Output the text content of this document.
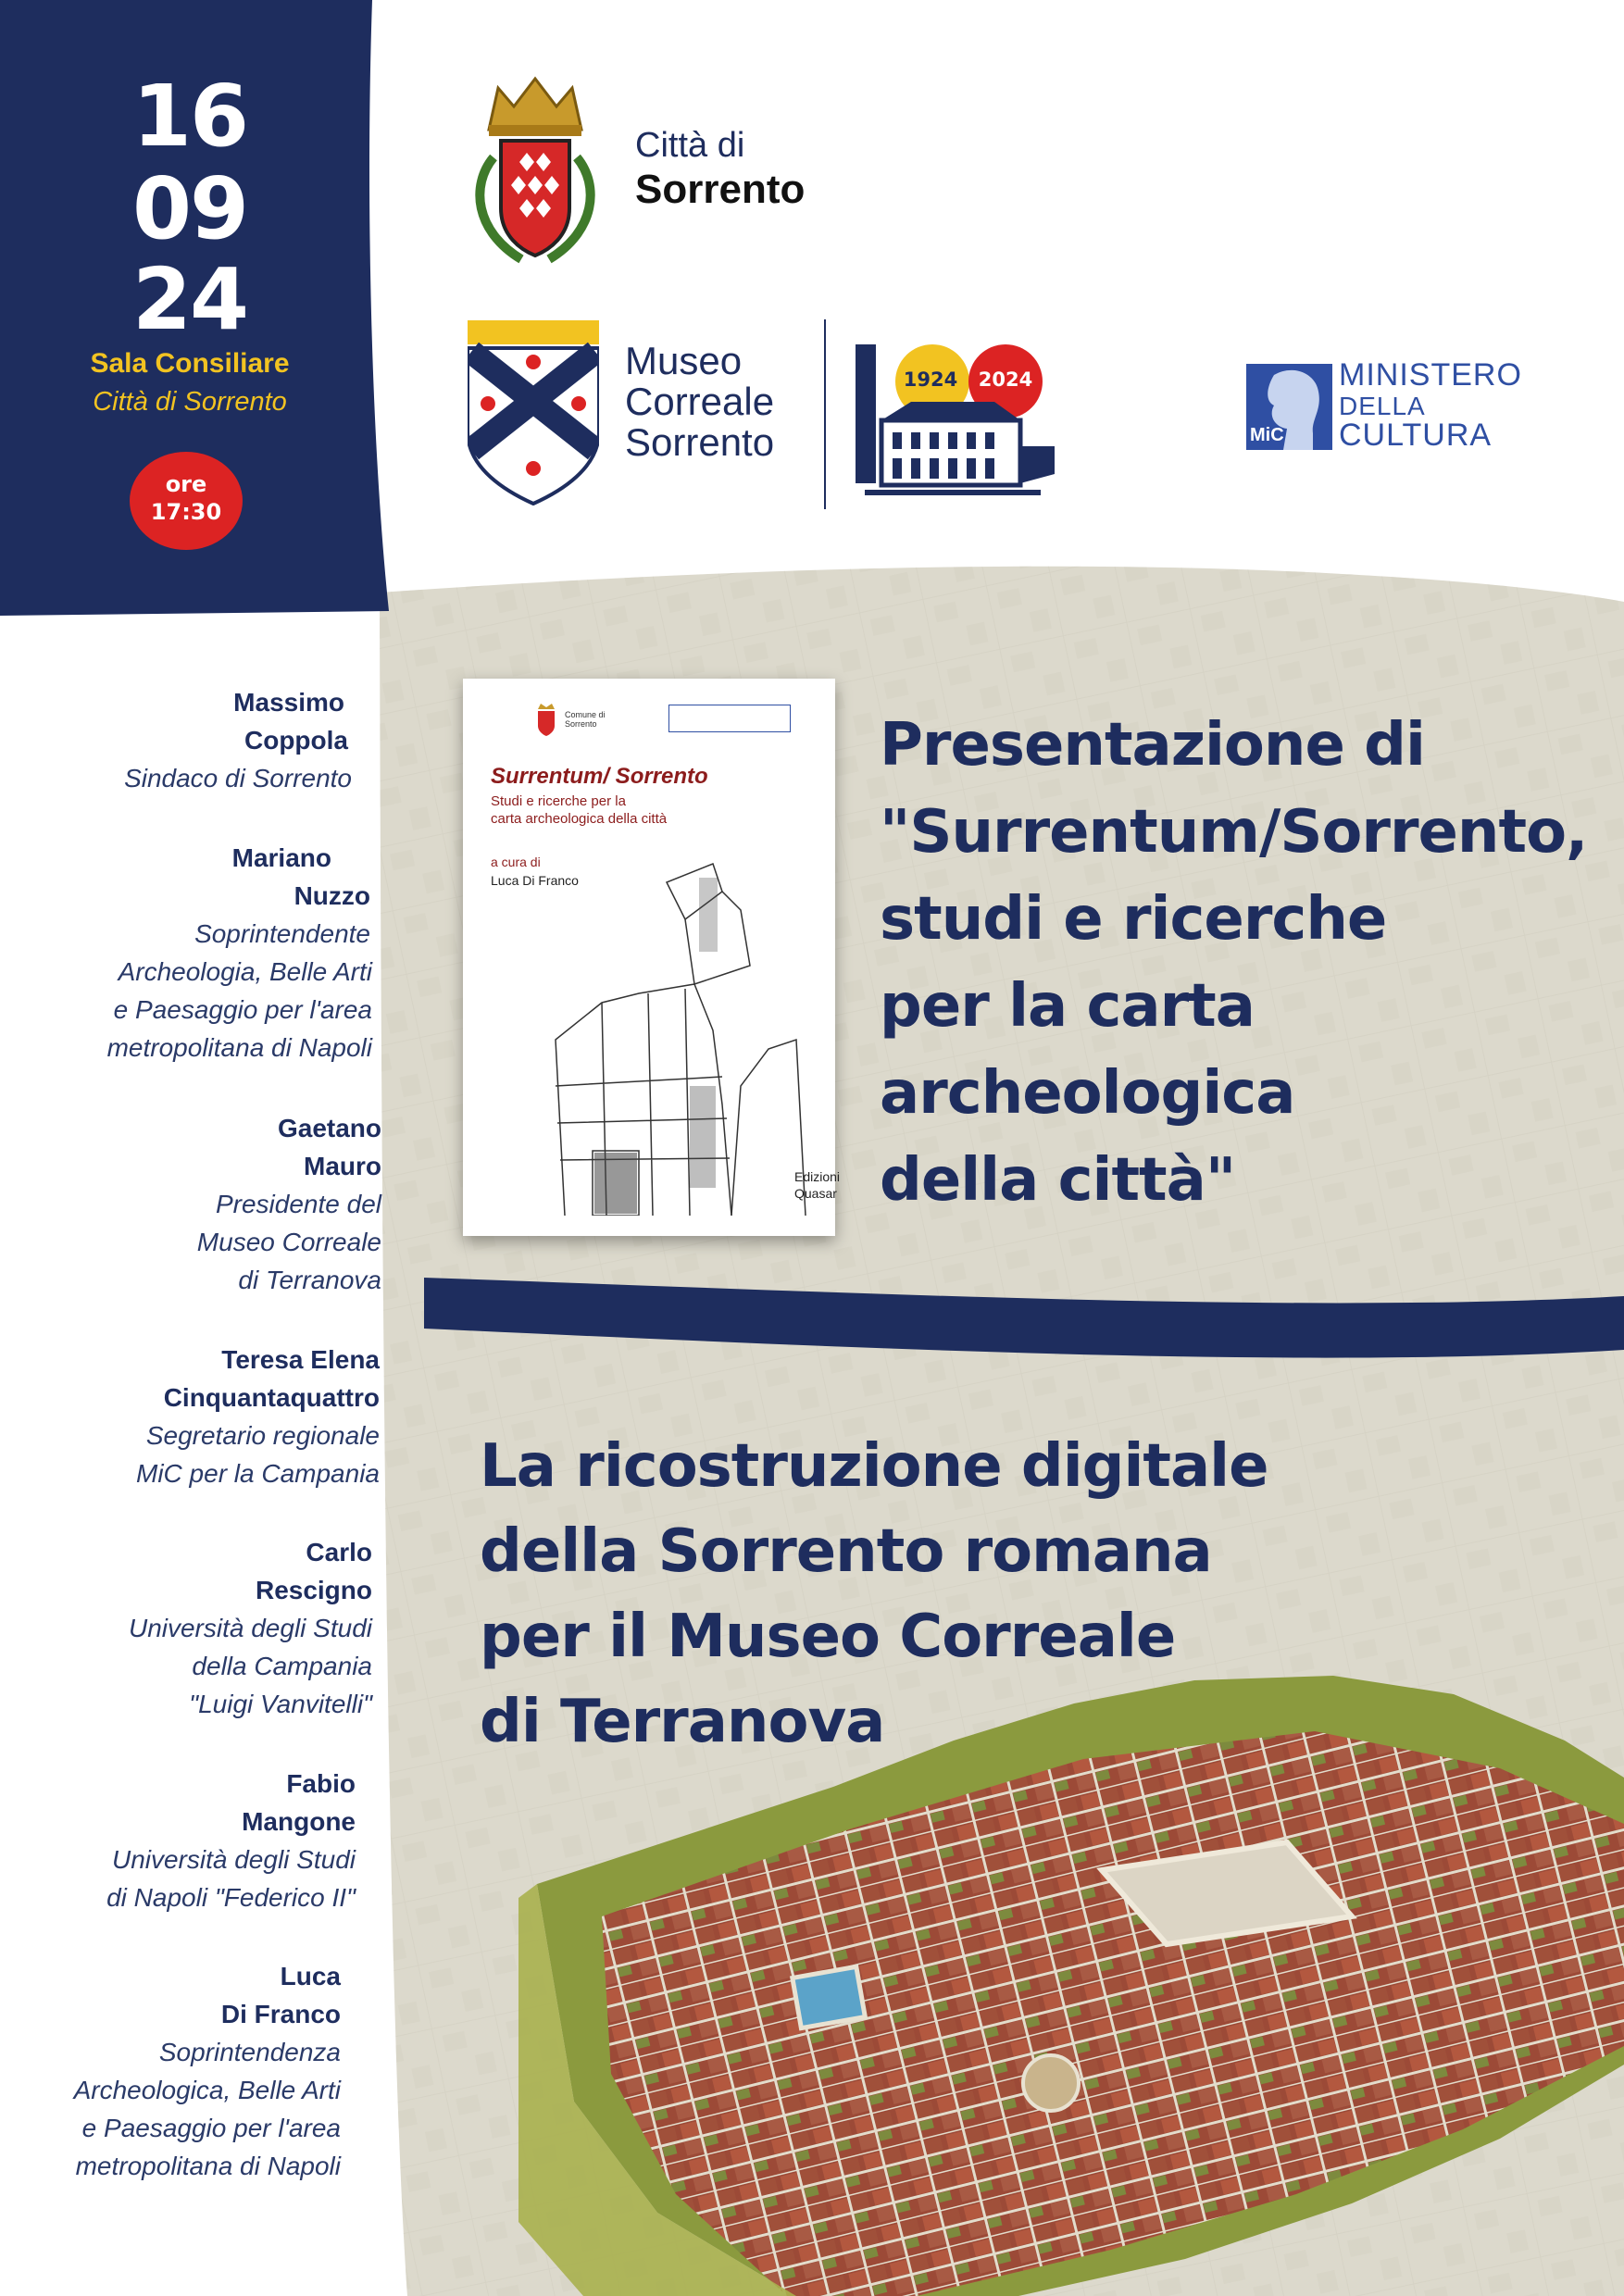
16
09
24
Sala Consiliare
Città di Sorrento
ore
17:30
Città di
Sorrento
Museo
Correale
Sorrento
1924	2024
MiC
MINISTERO
DELLA
CULTURA
Comune di Sorrento
Surrentum/ Sorrento
Studi e ricerche per la
carta archeologica della città
a cura di
Luca Di Franco
Edizioni
Quasar
Presentazione di
"Surrentum/Sorrento,
studi e ricerche
per la carta
archeologica
della città"
La ricostruzione digitale
della Sorrento romana
per il Museo Correale
di Terranova
Massimo
Coppola
Sindaco di Sorrento
Mariano
Nuzzo
Soprintendente
Archeologia, Belle Arti
e Paesaggio per l'area
metropolitana di Napoli
Gaetano
Mauro
Presidente del
Museo Correale
di Terranova
Teresa Elena
Cinquantaquattro
Segretario regionale
MiC per la Campania
Carlo
Rescigno
Università degli Studi
della Campania
"Luigi Vanvitelli"
Fabio
Mangone
Università degli Studi
di Napoli "Federico II"
Luca
Di Franco
Soprintendenza
Archeologica, Belle Arti
e Paesaggio per l'area
metropolitana di Napoli
